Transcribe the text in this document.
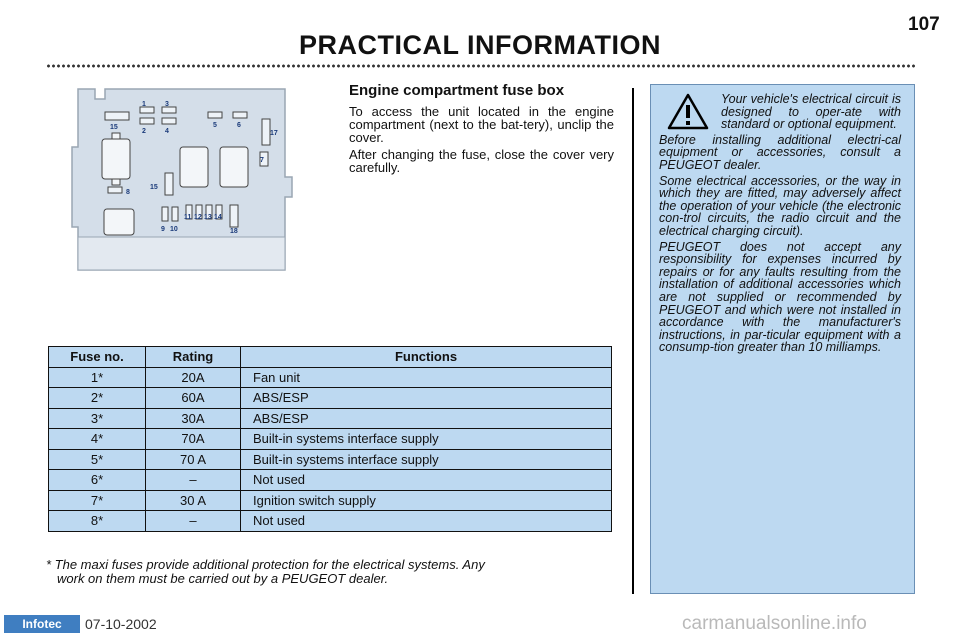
107
PRACTICAL INFORMATION
1	3
2	4
5	6
15
17
7
15
8
9 10
11 12 13 14
18
Engine compartment fuse box

To access the unit located in the engine compartment (next to the bat-tery), unclip the cover.

After changing the fuse, close the cover very carefully.

Your vehicle's electrical circuit is designed to oper-ate with standard or optional equipment.

Before installing additional electri-cal equipment or accessories, consult a PEUGEOT dealer.

Some electrical accessories, or the way in which they are fitted, may adversely affect the operation of your vehicle (the electronic con-trol circuits, the radio circuit and the electrical charging circuit).

PEUGEOT does not accept any responsibility for expenses incurred by repairs or for any faults resulting from the installation of additional accessories which are not supplied or recommended by PEUGEOT and which were not installed in accordance with the manufacturer's instructions, in par-ticular equipment with a consump-tion greater than 10 milliamps.

Fuse no.	Rating	Functions
1*	20A	Fan unit
2*	60A	ABS/ESP
3*	30A	ABS/ESP
4*	70A	Built-in systems interface supply
5*	70 A	Built-in systems interface supply
6*	–	Not used
7*	30 A	Ignition switch supply
8*	–	Not used
* The maxi fuses provide additional protection for the electrical systems. Any
work on them must be carried out by a PEUGEOT dealer.
Infotec	07-10-2002	carmanualsonline.info
